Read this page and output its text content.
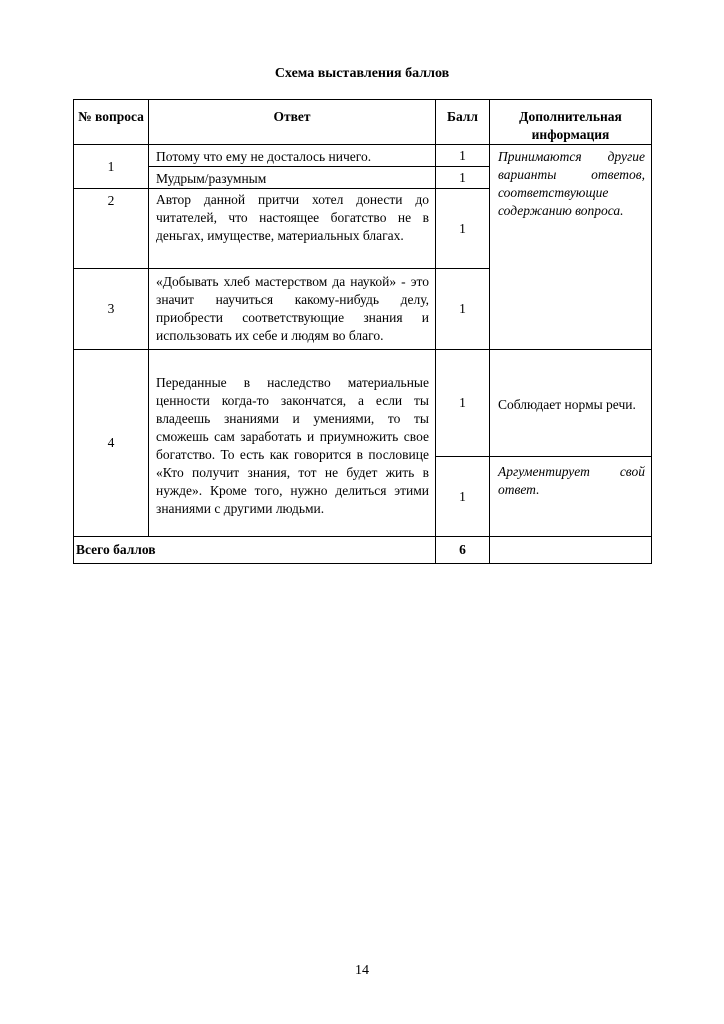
Схема выставления баллов
№ вопроса	Ответ	Балл	Дополнительная информация
1	Потому что ему не досталось ничего.	1	Принимаются другие варианты ответов, соответствующие содержанию вопроса.
	Мудрым/разумным	1	
2	Автор данной притчи хотел донести до читателей, что настоящее богатство не в деньгах, имуществе, материальных благах.	1	
3	«Добывать хлеб мастерством да наукой» - это значит научиться какому-нибудь делу, приобрести соответствующие знания и использовать их себе и людям во благо.	1	
4	Переданные в наследство материальные ценности когда-то закончатся, а если ты владеешь знаниями и умениями, то ты сможешь сам заработать и приумножить свое богатство. То есть как говорится в пословице «Кто получит знания, тот не будет жить в нужде». Кроме того, нужно делиться этими знаниями с другими людьми.	1	Соблюдает нормы речи.
		1	Аргументирует свой ответ.
Всего баллов		6	
14
